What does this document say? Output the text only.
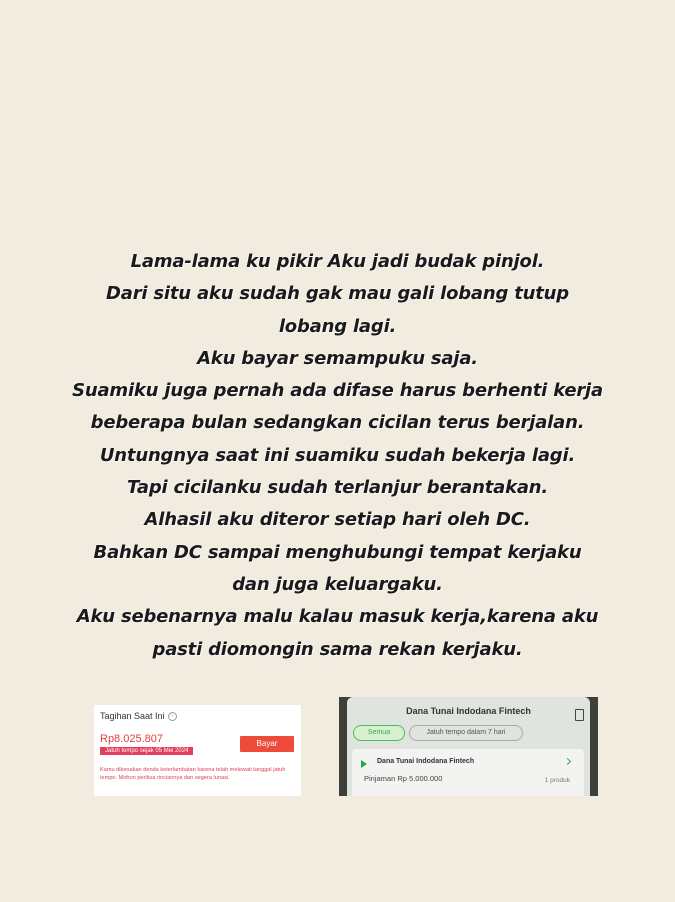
Lama-lama ku pikir Aku jadi budak pinjol.
Dari situ aku sudah gak mau gali lobang tutup
lobang lagi.
Aku bayar semampuku saja.
Suamiku juga pernah ada difase harus berhenti kerja
beberapa bulan sedangkan cicilan terus berjalan.
Untungnya saat ini suamiku sudah bekerja lagi.
Tapi cicilanku sudah terlanjur berantakan.
Alhasil aku diteror setiap hari oleh DC.
Bahkan DC sampai menghubungi tempat kerjaku
dan juga keluargaku.
Aku sebenarnya malu kalau masuk kerja,karena aku
pasti diomongin sama rekan kerjaku.
Tagihan Saat Ini i
Rp8.025.807
Jatuh tempo sejak 05 Mei 2024
Bayar
Kamu dikenakan denda keterlambatan karena telah melewati tanggal jatuh tempo. Mohon periksa rinciannya dan segera lunasi.
Dana Tunai Indodana Fintech
Semua	Jatuh tempo dalam 7 hari
Dana Tunai Indodana Fintech
Pinjaman Rp 5.000.000	1 produk
